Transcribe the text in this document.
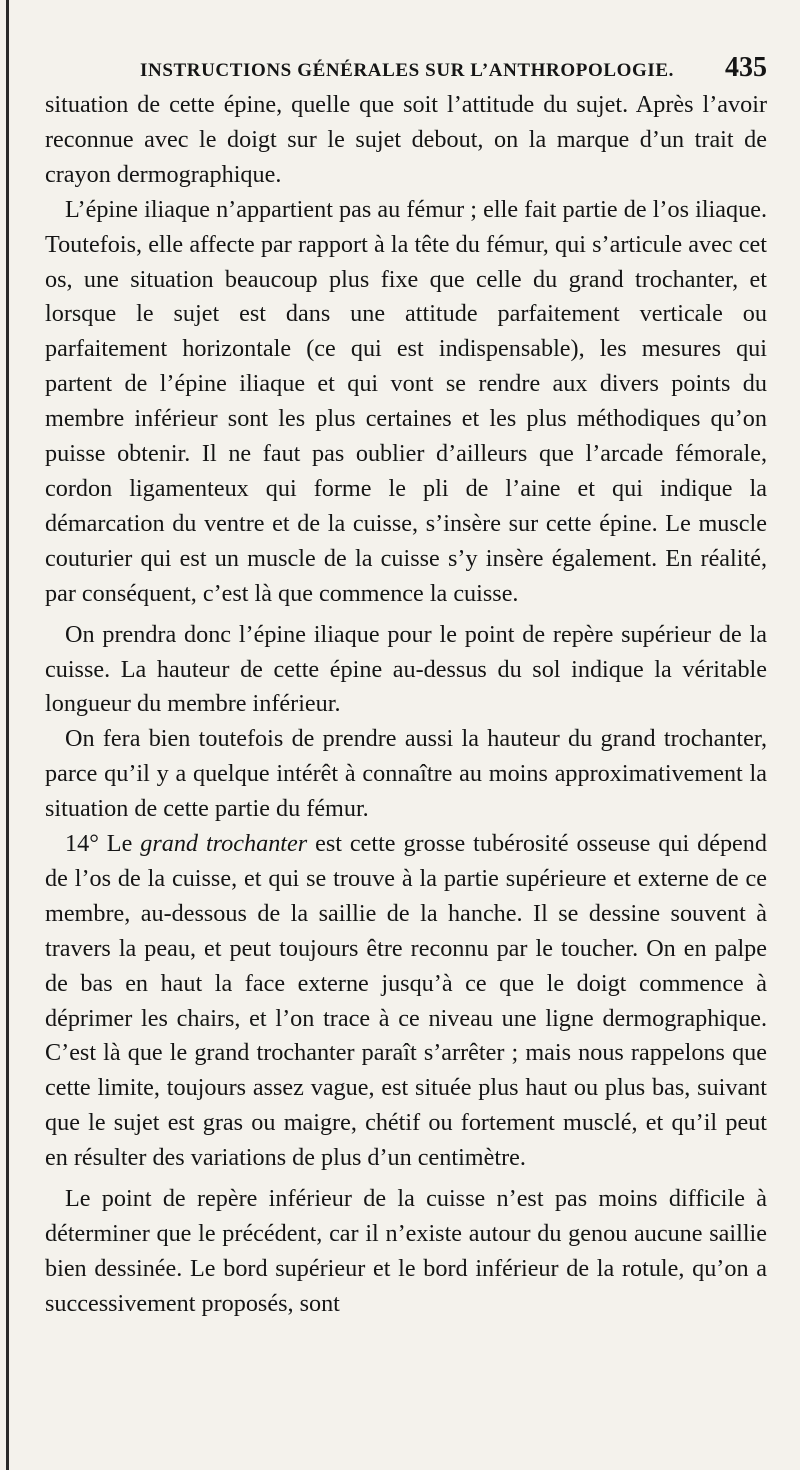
INSTRUCTIONS GÉNÉRALES SUR L’ANTHROPOLOGIE. 435

situation de cette épine, quelle que soit l’attitude du sujet. Après l’avoir reconnue avec le doigt sur le sujet debout, on la marque d’un trait de crayon dermographique.

L’épine iliaque n’appartient pas au fémur ; elle fait partie de l’os iliaque. Toutefois, elle affecte par rapport à la tête du fémur, qui s’articule avec cet os, une situation beaucoup plus fixe que celle du grand trochanter, et lorsque le sujet est dans une attitude parfaitement verticale ou parfaitement horizontale (ce qui est indispensable), les mesures qui partent de l’épine iliaque et qui vont se rendre aux divers points du membre inférieur sont les plus certaines et les plus méthodiques qu’on puisse obtenir. Il ne faut pas oublier d’ailleurs que l’arcade fémorale, cordon ligamenteux qui forme le pli de l’aine et qui indique la démarcation du ventre et de la cuisse, s’insère sur cette épine. Le muscle couturier qui est un muscle de la cuisse s’y insère également. En réalité, par conséquent, c’est là que commence la cuisse.

On prendra donc l’épine iliaque pour le point de repère supérieur de la cuisse. La hauteur de cette épine au-dessus du sol indique la véritable longueur du membre inférieur.

On fera bien toutefois de prendre aussi la hauteur du grand trochanter, parce qu’il y a quelque intérêt à connaître au moins approximativement la situation de cette partie du fémur.

14° Le grand trochanter est cette grosse tubérosité osseuse qui dépend de l’os de la cuisse, et qui se trouve à la partie supérieure et externe de ce membre, au-dessous de la saillie de la hanche. Il se dessine souvent à travers la peau, et peut toujours être reconnu par le toucher. On en palpe de bas en haut la face externe jusqu’à ce que le doigt commence à déprimer les chairs, et l’on trace à ce niveau une ligne dermographique. C’est là que le grand trochanter paraît s’arrêter ; mais nous rappelons que cette limite, toujours assez vague, est située plus haut ou plus bas, suivant que le sujet est gras ou maigre, chétif ou fortement musclé, et qu’il peut en résulter des variations de plus d’un centimètre.

Le point de repère inférieur de la cuisse n’est pas moins difficile à déterminer que le précédent, car il n’existe autour du genou aucune saillie bien dessinée. Le bord supérieur et le bord inférieur de la rotule, qu’on a successivement proposés, sont
